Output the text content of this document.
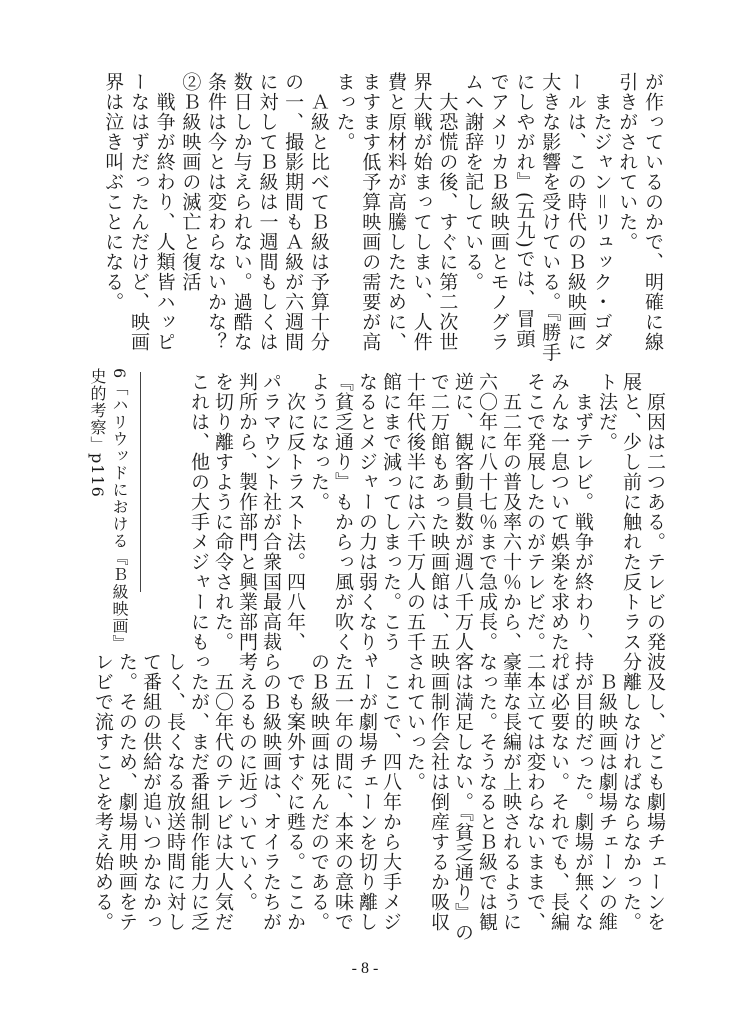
が作っているのかで、明確に線
引きがされていた。
　またジャン＝リュック・ゴダ
ールは、この時代のＢ級映画に
大きな影響を受けている。『勝手
にしやがれ』(五九)では、冒頭
でアメリカＢ級映画とモノグラ
ムへ謝辞を記している。
　大恐慌の後、すぐに第二次世
界大戦が始まってしまい、人件
費と原材料が高騰したために、
ますます低予算映画の需要が高
まった。
　Ａ級と比べてＢ級は予算十分
の一、撮影期間もＡ級が六週間
に対してＢ級は一週間もしくは
数日しか与えられない。過酷な
条件は今とは変わらないかな？
②Ｂ級映画の滅亡と復活
　戦争が終わり、人類皆ハッピ
ーなはずだったんだけど、映画
界は泣き叫ぶことになる。
　原因は二つある。テレビの発
展と、少し前に触れた反トラス
ト法だ。
　まずテレビ。戦争が終わり、
みんな一息ついて娯楽を求めた。
そこで発展したのがテレビだ。
　五二年の普及率六十％から、
六〇年に八十七％まで急成長。
逆に、観客動員数が週八千万人
で二万館もあった映画館は、五
十年代後半には六千万人の五千
館にまで減ってしまった。こう
なるとメジャーの力は弱くなり、
『貧乏通り』もからっ風が吹く
ようになった。
　次に反トラスト法。四八年、
パラマウント社が合衆国最高裁
判所から、製作部門と興業部門
を切り離すように命令された。
これは、他の大手メジャーにも
6「ハリウッドにおける『Ｂ級映画』
史的考察」p116
波及し、どこも劇場チェーンを
分離しなければならなかった。
　Ｂ級映画は劇場チェーンの維
持が目的だった。劇場が無くな
れば必要ない。それでも、長編
二本立ては変わらないままで、
豪華な長編が上映されるように
なった。そうなるとＢ級では観
客は満足しない。『貧乏通り』の
映画制作会社は倒産するか吸収
されていった。
　ここで、四八年から大手メジ
ャーが劇場チェーンを切り離し
た五一年の間に、本来の意味で
のＢ級映画は死んだのである。
　でも案外すぐに甦る。ここか
らのＢ級映画は、オイラたちが
考えるものに近づいていく。
　五〇年代のテレビは大人気だ
ったが、まだ番組制作能力に乏
しく、長くなる放送時間に対し
て番組の供給が追いつかなかっ
た。そのため、劇場用映画をテ
レビで流すことを考え始める。
- 8 -
